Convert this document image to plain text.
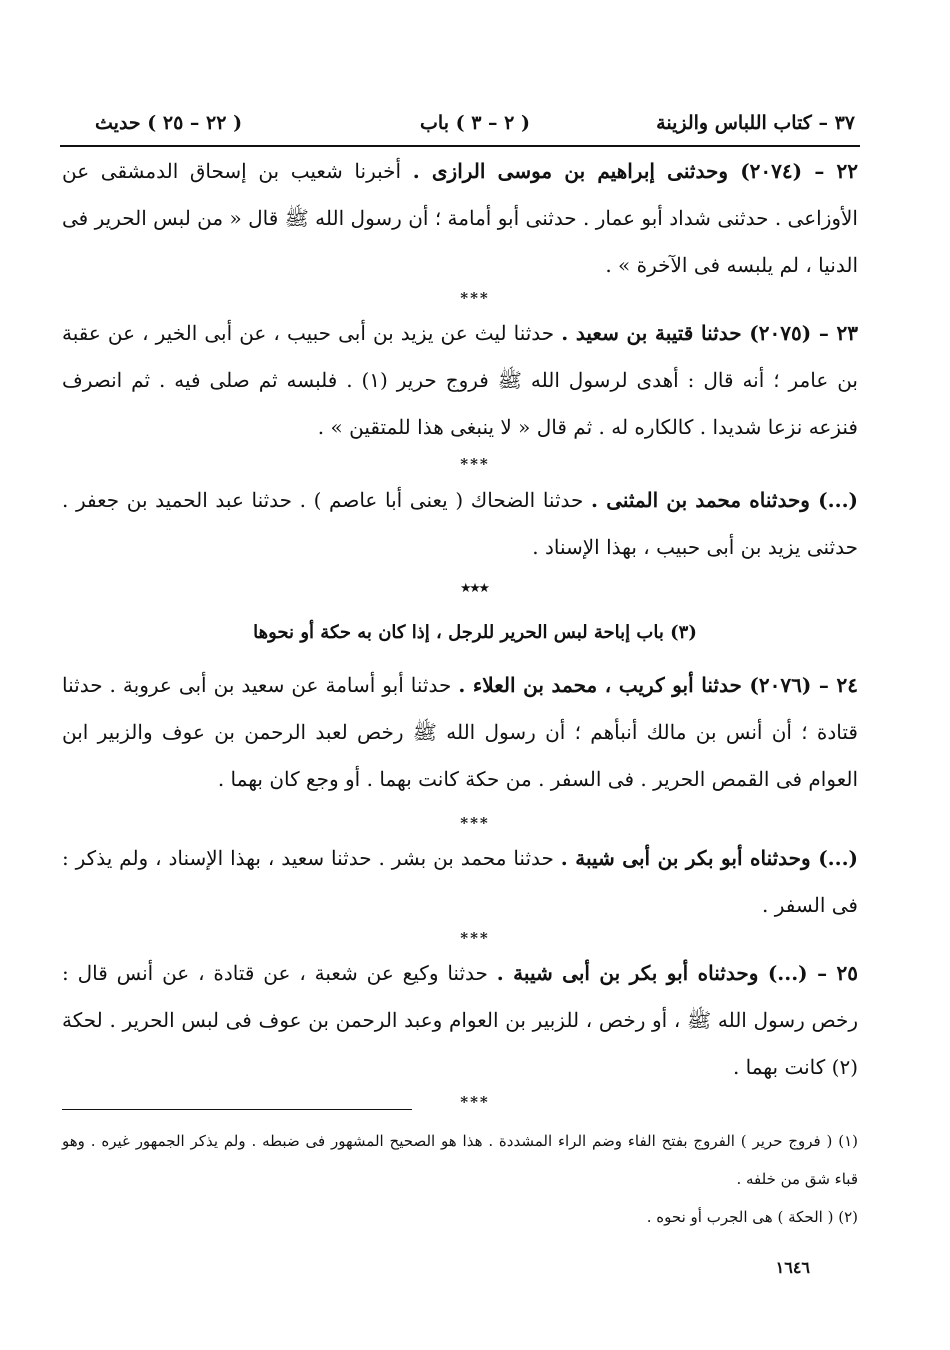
٣٧ – كتاب اللباس والزينة
( ٢ – ٣ ) باب
( ٢٢ – ٢٥ ) حديث

٢٢ – (٢٠٧٤) وحدثنى إبراهيم بن موسى الرازى . أخبرنا شعيب بن إسحاق الدمشقى عن الأوزاعى . حدثنى شداد أبو عمار . حدثنى أبو أمامة ؛ أن رسول الله ﷺ قال « من لبس الحرير فى الدنيا ، لم يلبسه فى الآخرة » .

***

٢٣ – (٢٠٧٥) حدثنا قتيبة بن سعيد . حدثنا ليث عن يزيد بن أبى حبيب ، عن أبى الخير ، عن عقبة بن عامر ؛ أنه قال : أهدى لرسول الله ﷺ فروج حرير (١) . فلبسه ثم صلى فيه . ثم انصرف فنزعه نزعا شديدا . كالكاره له . ثم قال « لا ينبغى هذا للمتقين » .

***

(...) وحدثناه محمد بن المثنى . حدثنا الضحاك ( يعنى أبا عاصم ) . حدثنا عبد الحميد بن جعفر . حدثنى يزيد بن أبى حبيب ، بهذا الإسناد .

٭٭٭
(٣) باب إباحة لبس الحرير للرجل ، إذا كان به حكة أو نحوها

٢٤ – (٢٠٧٦) حدثنا أبو كريب ، محمد بن العلاء . حدثنا أبو أسامة عن سعيد بن أبى عروبة . حدثنا قتادة ؛ أن أنس بن مالك أنبأهم ؛ أن رسول الله ﷺ رخص لعبد الرحمن بن عوف والزبير ابن العوام فى القمص الحرير . فى السفر . من حكة كانت بهما . أو وجع كان بهما .

***

(...) وحدثناه أبو بكر بن أبى شيبة . حدثنا محمد بن بشر . حدثنا سعيد ، بهذا الإسناد ، ولم يذكر : فى السفر .

***

٢٥ – (...) وحدثناه أبو بكر بن أبى شيبة . حدثنا وكيع عن شعبة ، عن قتادة ، عن أنس قال : رخص رسول الله ﷺ ، أو رخص ، للزبير بن العوام وعبد الرحمن بن عوف فى لبس الحرير . لحكة (٢) كانت بهما .

***
(١) ( فروج حرير ) الفروج بفتح الفاء وضم الراء المشددة . هذا هو الصحيح المشهور فى ضبطه . ولم يذكر الجمهور غيره . وهو قباء شق من خلفه .
(٢) ( الحكة ) هى الجرب أو نحوه .
١٦٤٦
